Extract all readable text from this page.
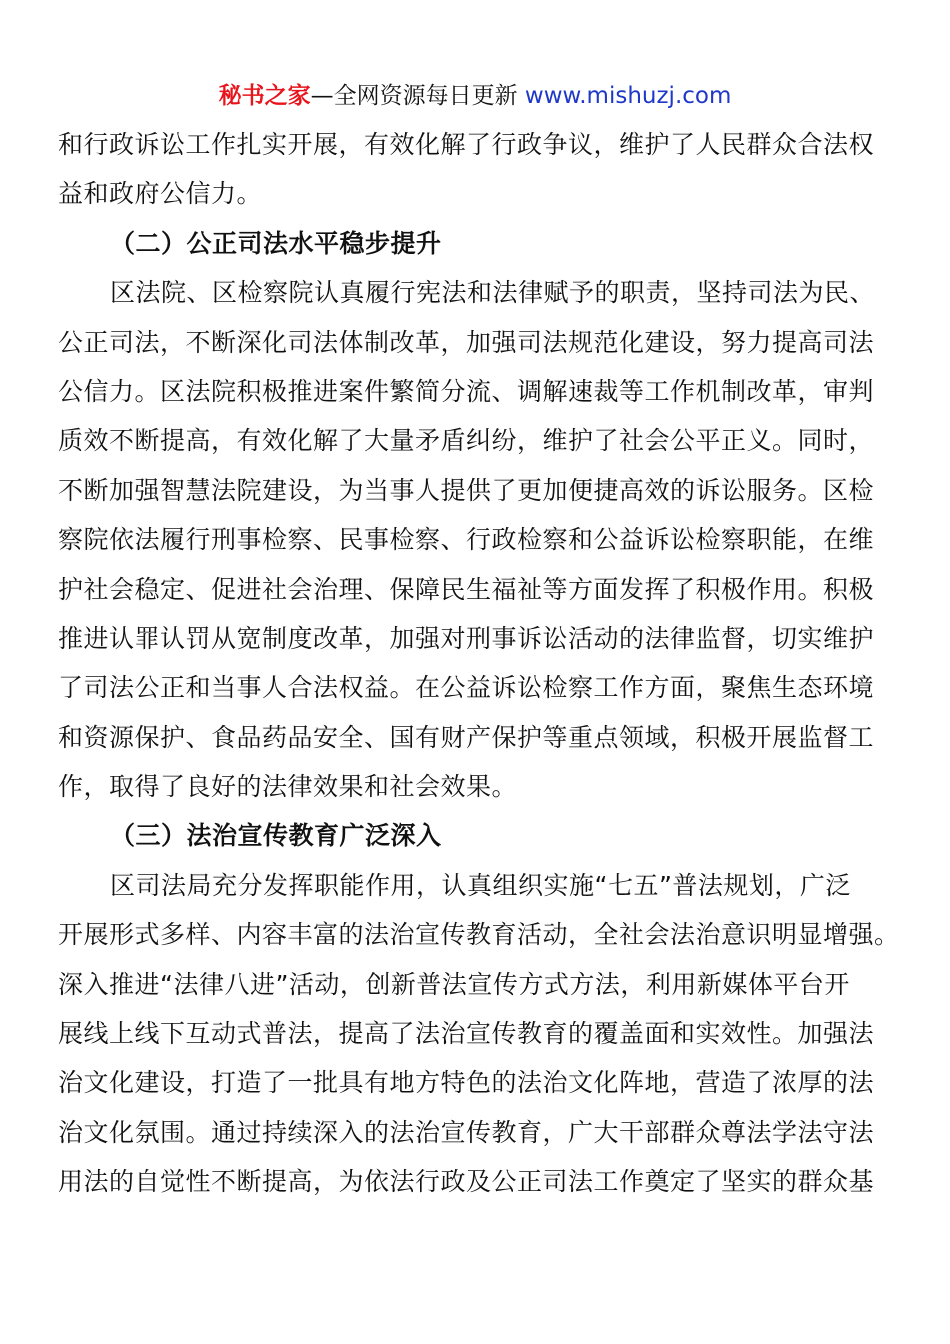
秘书之家—全网资源每日更新 www.mishuzj.com
和行政诉讼工作扎实开展，有效化解了行政争议，维护了人民群众合法权
益和政府公信力。
（二）公正司法水平稳步提升
区法院、区检察院认真履行宪法和法律赋予的职责，坚持司法为民、
公正司法，不断深化司法体制改革，加强司法规范化建设，努力提高司法
公信力。区法院积极推进案件繁简分流、调解速裁等工作机制改革，审判
质效不断提高，有效化解了大量矛盾纠纷，维护了社会公平正义。同时，
不断加强智慧法院建设，为当事人提供了更加便捷高效的诉讼服务。区检
察院依法履行刑事检察、民事检察、行政检察和公益诉讼检察职能，在维
护社会稳定、促进社会治理、保障民生福祉等方面发挥了积极作用。积极
推进认罪认罚从宽制度改革，加强对刑事诉讼活动的法律监督，切实维护
了司法公正和当事人合法权益。在公益诉讼检察工作方面，聚焦生态环境
和资源保护、食品药品安全、国有财产保护等重点领域，积极开展监督工
作，取得了良好的法律效果和社会效果。
（三）法治宣传教育广泛深入
区司法局充分发挥职能作用，认真组织实施“七五”普法规划，广泛
开展形式多样、内容丰富的法治宣传教育活动，全社会法治意识明显增强。
深入推进“法律八进”活动，创新普法宣传方式方法，利用新媒体平台开
展线上线下互动式普法，提高了法治宣传教育的覆盖面和实效性。加强法
治文化建设，打造了一批具有地方特色的法治文化阵地，营造了浓厚的法
治文化氛围。通过持续深入的法治宣传教育，广大干部群众尊法学法守法
用法的自觉性不断提高，为依法行政及公正司法工作奠定了坚实的群众基
